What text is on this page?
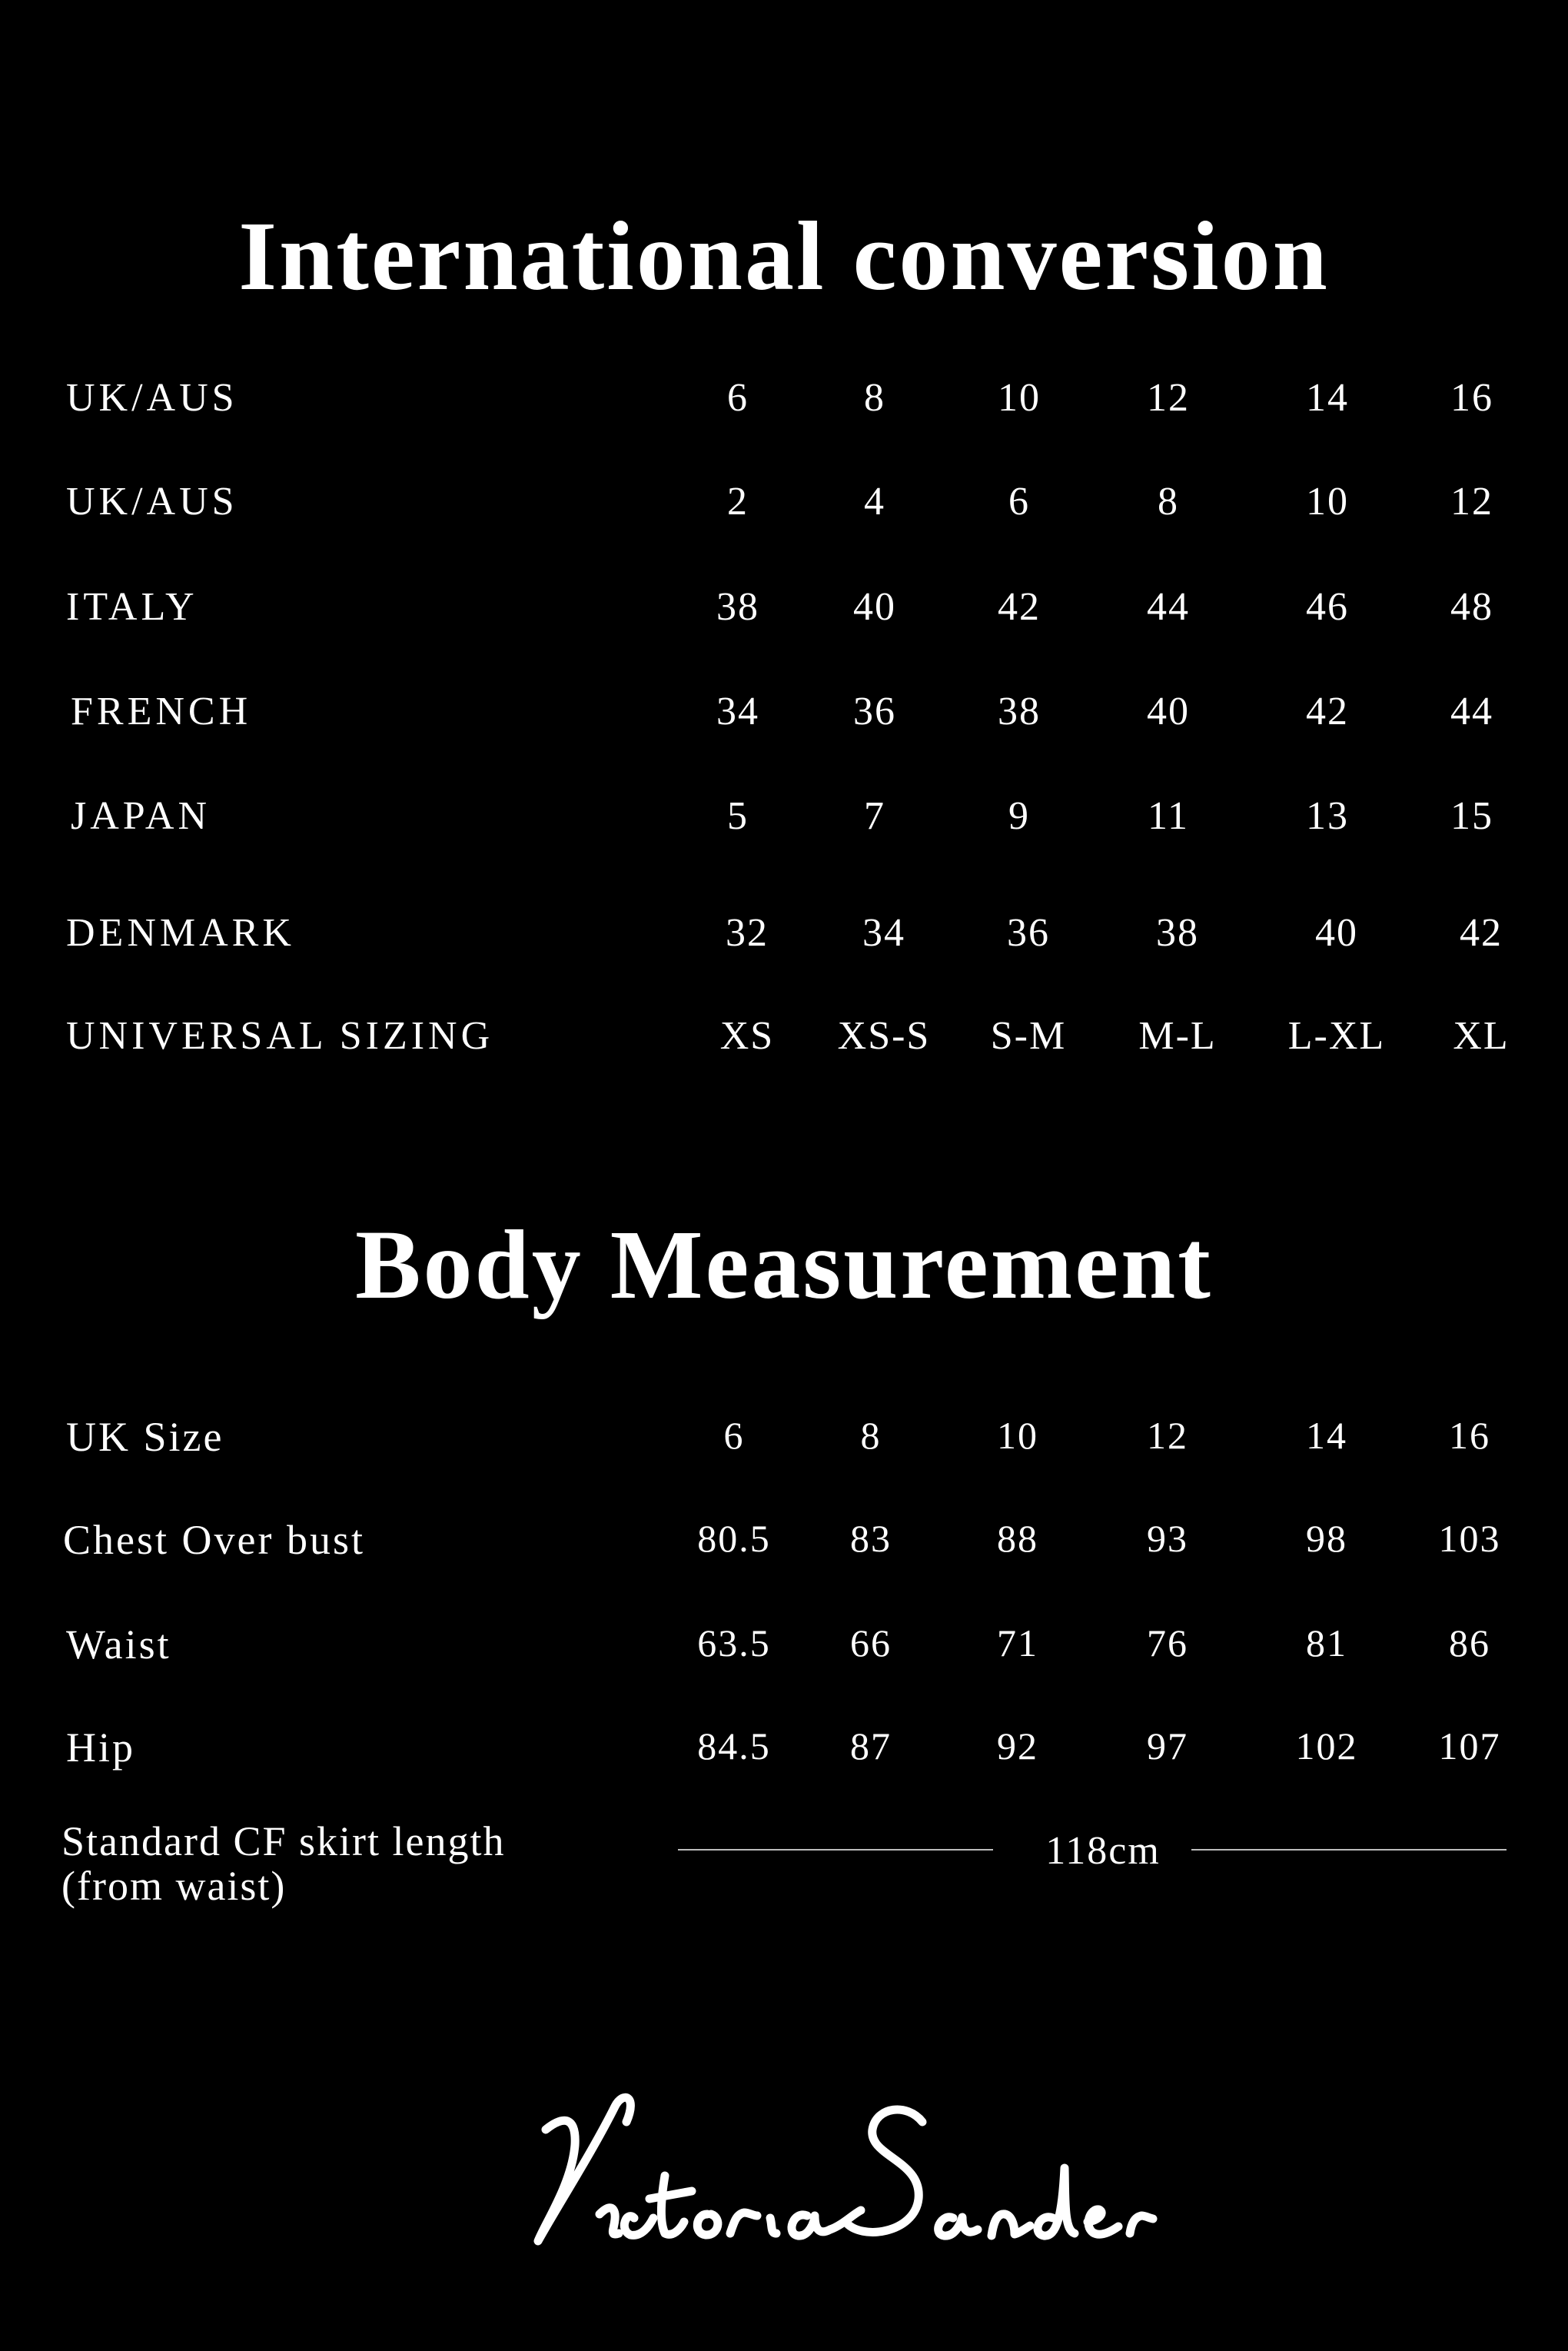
International conversion
UK/AUS	6	8	10	12	14	16
UK/AUS	2	4	6	8	10	12
ITALY	38	40	42	44	46	48
FRENCH	34	36	38	40	42	44
JAPAN	5	7	9	11	13	15
DENMARK	32	34	36	38	40	42
UNIVERSAL SIZING	XS	XS-S	S-M	M-L	L-XL	XL
Body Measurement
UK Size	6	8	10	12	14	16
Chest Over bust	80.5	83	88	93	98	103
Waist	63.5	66	71	76	81	86
Hip	84.5	87	92	97	102	107
Standard CF skirt length
(from waist)
118cm
